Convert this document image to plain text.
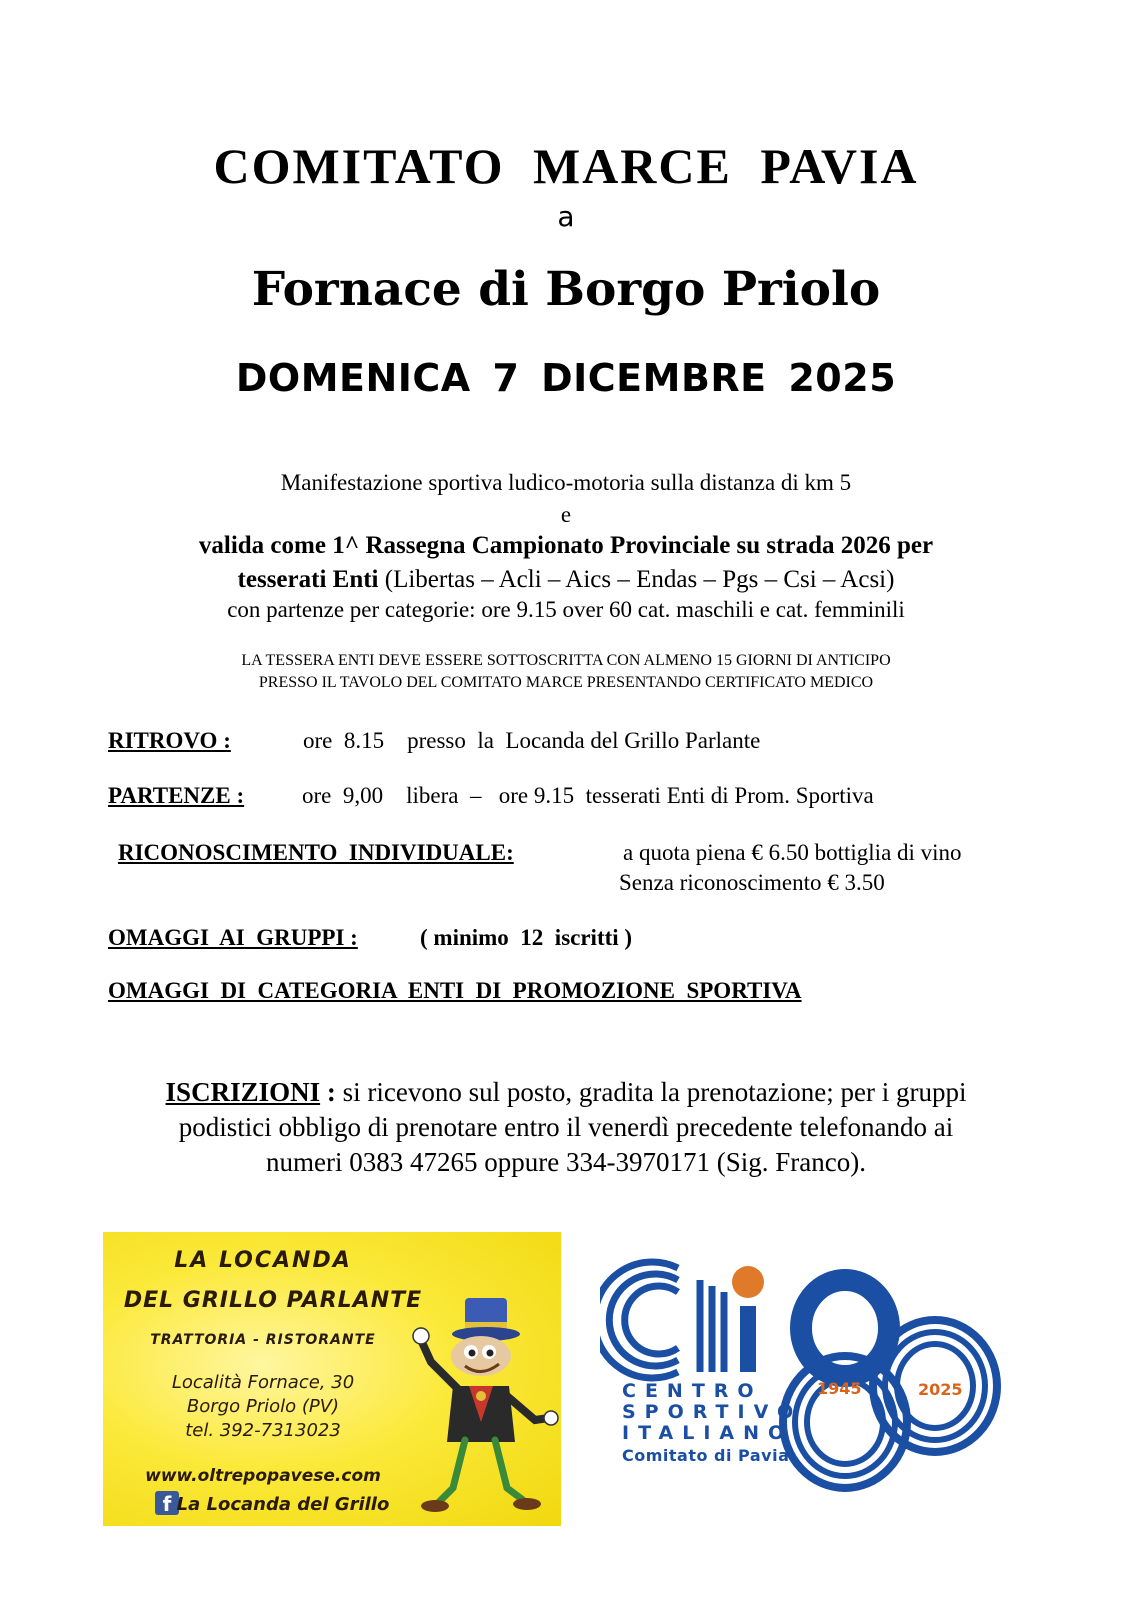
COMITATO MARCE PAVIA
a
Fornace di Borgo Priolo
DOMENICA 7 DICEMBRE 2025
Manifestazione sportiva ludico-motoria sulla distanza di km 5
e
valida come 1^ Rassegna Campionato Provinciale su strada 2026 per
tesserati Enti (Libertas – Acli – Aics – Endas – Pgs – Csi – Acsi)
con partenze per categorie: ore 9.15 over 60 cat. maschili e cat. femminili
LA TESSERA ENTI DEVE ESSERE SOTTOSCRITTA CON ALMENO 15 GIORNI DI ANTICIPO
PRESSO IL TAVOLO DEL COMITATO MARCE PRESENTANDO CERTIFICATO MEDICO
RITROVO :	ore  8.15    presso  la  Locanda del Grillo Parlante
PARTENZE :	ore  9,00    libera  –   ore 9.15  tesserati Enti di Prom. Sportiva
RICONOSCIMENTO  INDIVIDUALE:	a quota piena € 6.50 bottiglia di vino
Senza riconoscimento € 3.50
OMAGGI  AI  GRUPPI :	( minimo  12  iscritti )
OMAGGI  DI  CATEGORIA  ENTI  DI  PROMOZIONE  SPORTIVA
ISCRIZIONI : si ricevono sul posto, gradita la prenotazione; per i gruppi
podistici obbligo di prenotare entro il venerdì precedente telefonando ai
numeri 0383 47265 oppure 334-3970171 (Sig. Franco).
LA LOCANDA
DEL GRILLO PARLANTE
TRATTORIA - RISTORANTE
Località Fornace, 30
Borgo Priolo (PV)
tel. 392-7313023
www.oltrepopavese.com
f La Locanda del Grillo
CENTRO
SPORTIVO
ITALIANO
Comitato di Pavia
1945	2025
